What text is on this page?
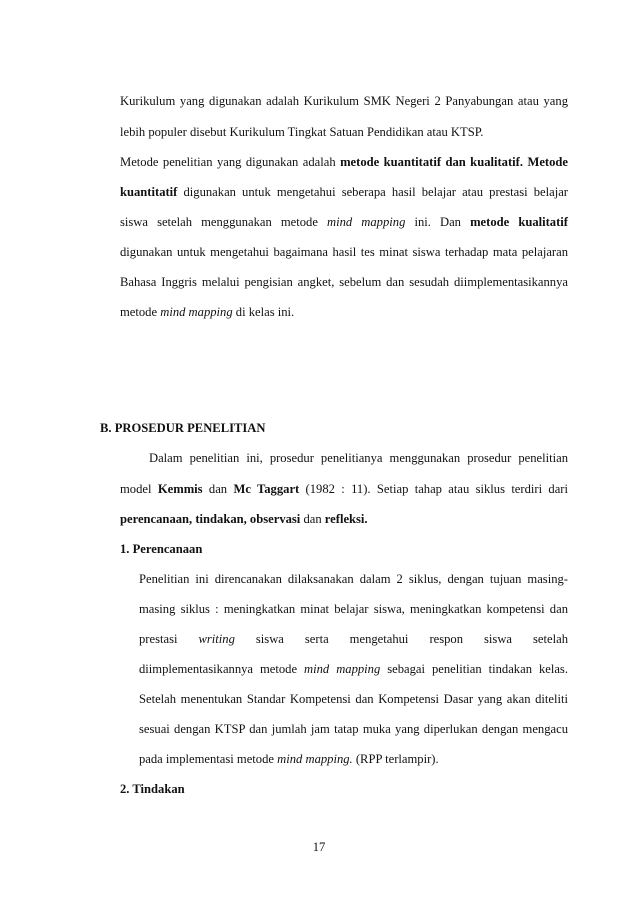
Kurikulum yang digunakan adalah Kurikulum SMK Negeri 2 Panyabungan atau yang
lebih populer disebut Kurikulum Tingkat Satuan Pendidikan atau KTSP.
Metode penelitian yang digunakan adalah metode kuantitatif dan kualitatif. Metode
kuantitatif digunakan untuk mengetahui seberapa hasil belajar atau prestasi belajar
siswa setelah menggunakan metode mind mapping ini. Dan metode kualitatif
digunakan untuk mengetahui bagaimana hasil tes minat siswa terhadap mata pelajaran
Bahasa Inggris melalui pengisian angket, sebelum dan sesudah diimplementasikannya
metode mind mapping di kelas ini.
B. PROSEDUR PENELITIAN
Dalam penelitian ini, prosedur penelitianya menggunakan prosedur penelitian
model Kemmis dan Mc Taggart (1982 : 11). Setiap tahap atau siklus terdiri dari
perencanaan, tindakan, observasi dan refleksi.
1. Perencanaan
Penelitian ini direncanakan dilaksanakan dalam 2 siklus, dengan tujuan masing-
masing siklus : meningkatkan minat belajar siswa, meningkatkan kompetensi dan
prestasi writing siswa serta mengetahui respon siswa setelah
diimplementasikannya metode mind mapping sebagai penelitian tindakan kelas.
Setelah menentukan Standar Kompetensi dan Kompetensi Dasar yang akan diteliti
sesuai dengan KTSP dan jumlah jam tatap muka yang diperlukan dengan mengacu
pada implementasi metode mind mapping. (RPP terlampir).
2. Tindakan
17
